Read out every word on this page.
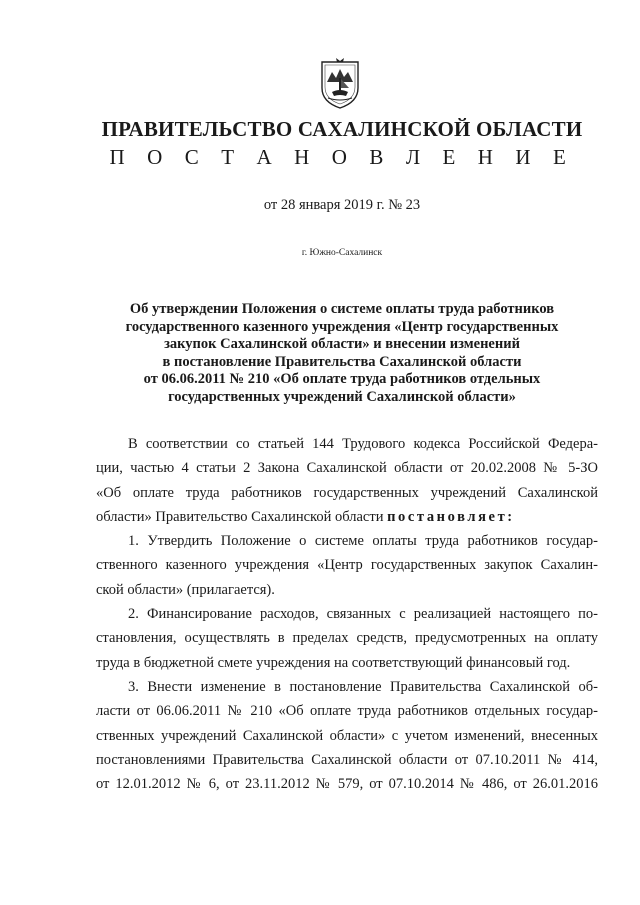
ПРАВИТЕЛЬСТВО САХАЛИНСКОЙ ОБЛАСТИ
П О С Т А Н О В Л Е Н И Е
от 28 января 2019 г. № 23
г. Южно-Сахалинск
Об утверждении Положения о системе оплаты труда работников
государственного казенного учреждения «Центр государственных
закупок Сахалинской области» и внесении изменений
в постановление Правительства Сахалинской области
от 06.06.2011 № 210 «Об оплате труда работников отдельных
государственных учреждений Сахалинской области»
В соответствии со статьей 144 Трудового кодекса Российской Федера-
ции, частью 4 статьи 2 Закона Сахалинской области от 20.02.2008 № 5-ЗО
«Об оплате труда работников государственных учреждений Сахалинской
области» Правительство Сахалинской области постановляет:
1. Утвердить Положение о системе оплаты труда работников государ-
ственного казенного учреждения «Центр государственных закупок Сахалин-
ской области» (прилагается).
2. Финансирование расходов, связанных с реализацией настоящего по-
становления, осуществлять в пределах средств, предусмотренных на оплату
труда в бюджетной смете учреждения на соответствующий финансовый год.
3. Внести изменение в постановление Правительства Сахалинской об-
ласти от 06.06.2011 № 210 «Об оплате труда работников отдельных государ-
ственных учреждений Сахалинской области» с учетом изменений, внесенных
постановлениями Правительства Сахалинской области от 07.10.2011 № 414,
от 12.01.2012 № 6, от 23.11.2012 № 579, от 07.10.2014 № 486, от 26.01.2016
